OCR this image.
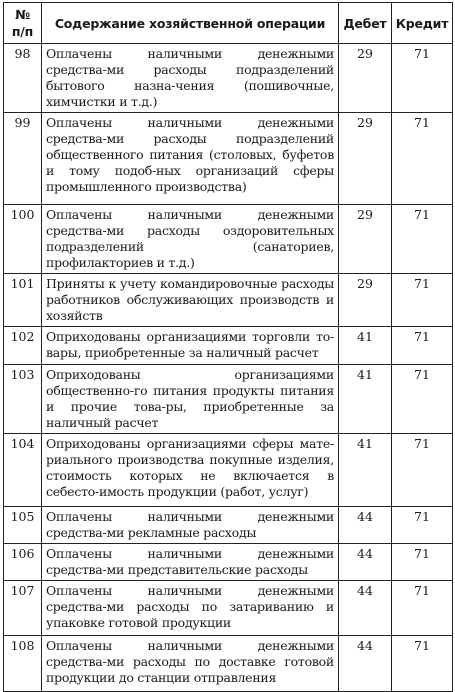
№
п/п	Содержание хозяйственной операции	Дебет	Кредит
98	Оплачены наличными денежными средства-ми расходы подразделений бытового назна-чения (пошивочные, химчистки и т.д.)	29	71
99	Оплачены наличными денежными средства-ми расходы подразделений общественного питания (столовых, буфетов и тому подоб-ных организаций сферы промышленного производства)	29	71
100	Оплачены наличными денежными средства-ми расходы оздоровительных подразделений (санаториев, профилакториев и т.д.)	29	71
101	Приняты к учету командировочные расходы работников обслуживающих производств и хозяйств	29	71
102	Оприходованы организациями торговли то-вары, приобретенные за наличный расчет	41	71
103	Оприходованы организациями общественно-го питания продукты питания и прочие това-ры, приобретенные за наличный расчет	41	71
104	Оприходованы организациями сферы мате-риального производства покупные изделия, стоимость которых не включается в себесто-имость продукции (работ, услуг)	41	71
105	Оплачены наличными денежными средства-ми рекламные расходы	44	71
106	Оплачены наличными денежными средства-ми представительские расходы	44	71
107	Оплачены наличными денежными средства-ми расходы по затариванию и упаковке готовой продукции	44	71
108	Оплачены наличными денежными средства-ми расходы по доставке готовой продукции до станции отправления	44	71
